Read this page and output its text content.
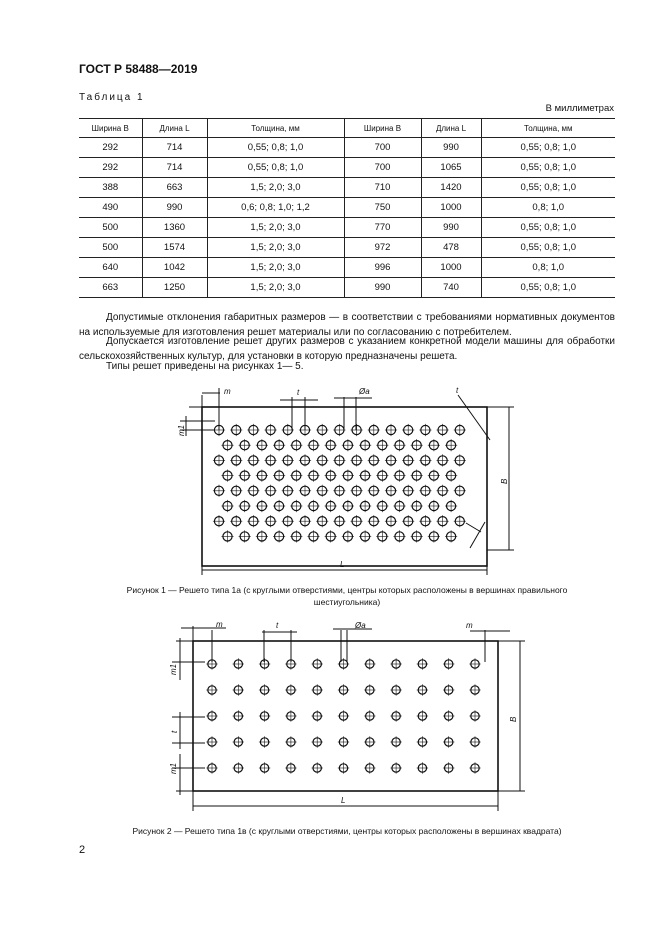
ГОСТ Р 58488—2019
Таблица 1
В миллиметрах
Ширина B	Длина L	Толщина, мм	Ширина B	Длина L	Толщина, мм
292	714	0,55; 0,8; 1,0	700	990	0,55; 0,8; 1,0
292	714	0,55; 0,8; 1,0	700	1065	0,55; 0,8; 1,0
388	663	1,5; 2,0; 3,0	710	1420	0,55; 0,8; 1,0
490	990	0,6; 0,8; 1,0; 1,2	750	1000	0,8; 1,0
500	1360	1,5; 2,0; 3,0	770	990	0,55; 0,8; 1,0
500	1574	1,5; 2,0; 3,0	972	478	0,55; 0,8; 1,0
640	1042	1,5; 2,0; 3,0	996	1000	0,8; 1,0
663	1250	1,5; 2,0; 3,0	990	740	0,55; 0,8; 1,0
Допустимые отклонения габаритных размеров — в соответствии с требованиями нормативных документов на используемые для изготовления решет материалы или по согласованию с потребителем.
Допускается изготовление решет других размеров с указанием конкретной модели машины для обработки сельскохозяйственных культур, для установки в которую предназначены решета.
Типы решет приведены на рисунках 1— 5.
m	t	Øa
m1
t
B
L
Рисунок 1 — Решето типа 1а (с круглыми отверстиями, центры которых расположены в вершинах правильного
шестиугольника)
m	t	Øa	m
m1
t
m1
B
L
Рисунок 2 — Решето типа 1в (с круглыми отверстиями, центры которых расположены в вершинах квадрата)
2
